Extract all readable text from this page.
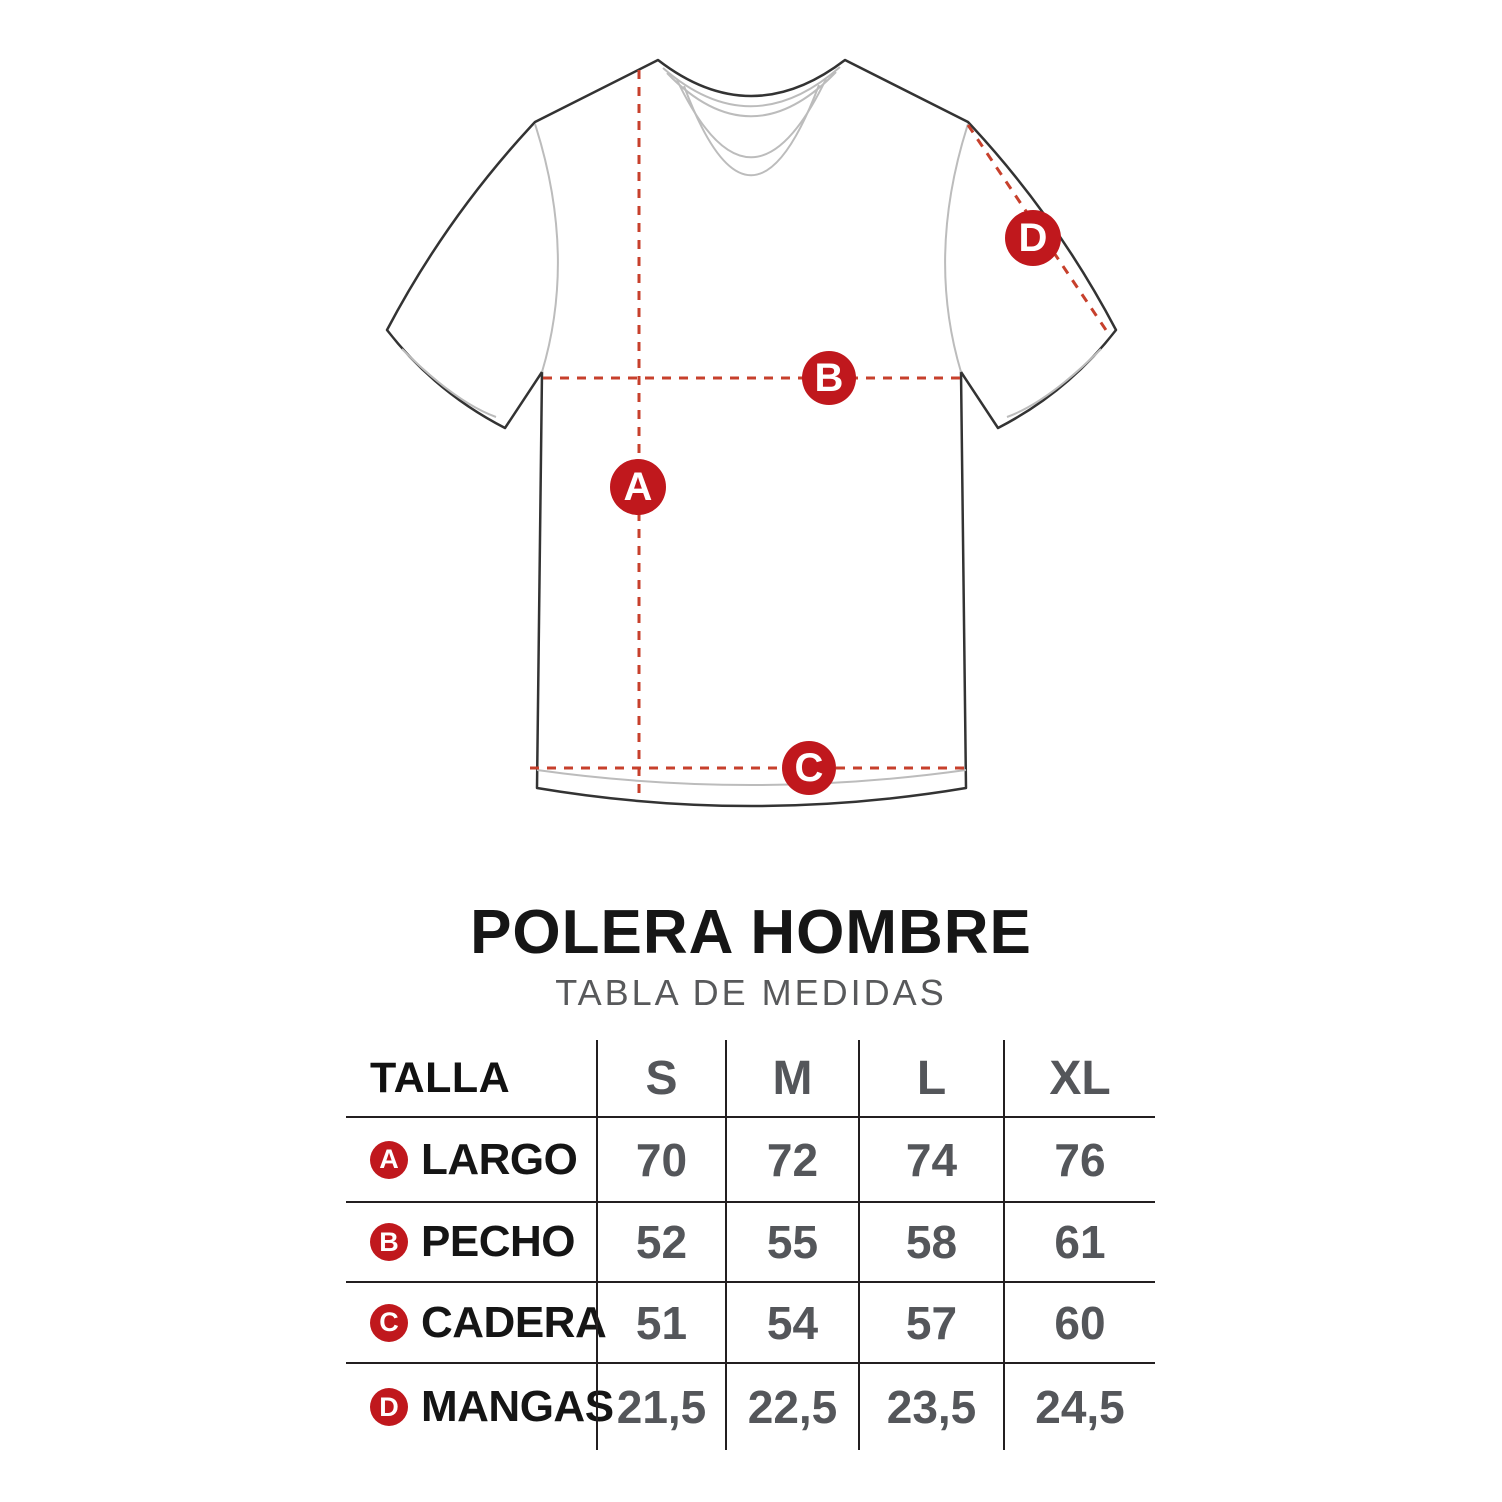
A
B
C
D
POLERA HOMBRE
TABLA DE MEDIDAS
TALLA	S M L XL
A LARGO 70 72 74 76
B PECHO 52 55 58 61
C CADERA 51 54 57 60
D MANGAS 21,5 22,5 23,5 24,5
